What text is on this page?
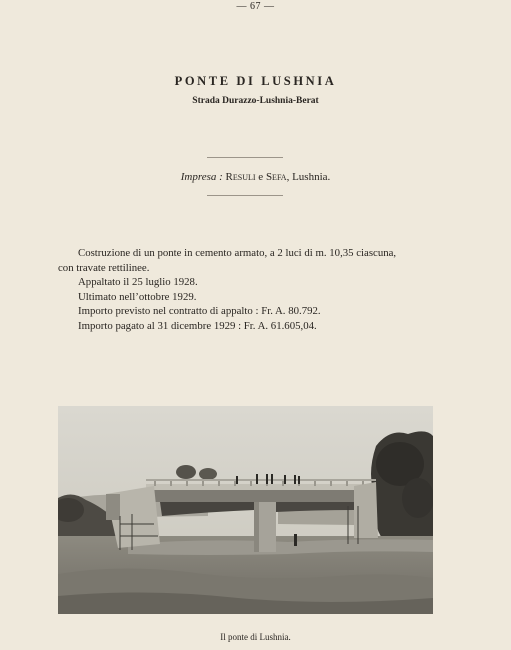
— 67 —
PONTE DI LUSHNIA
Strada Durazzo-Lushnia-Berat
Impresa : Resuli e Sefa, Lushnia.
Costruzione di un ponte in cemento armato, a 2 luci di m. 10,35 ciascuna,
con travate rettilinee.
Appaltato il 25 luglio 1928.
Ultimato nell’ottobre 1929.
Importo previsto nel contratto di appalto : Fr. A. 80.792.
Importo pagato al 31 dicembre 1929 : Fr. A. 61.605,04.
Il ponte di Lushnia.
